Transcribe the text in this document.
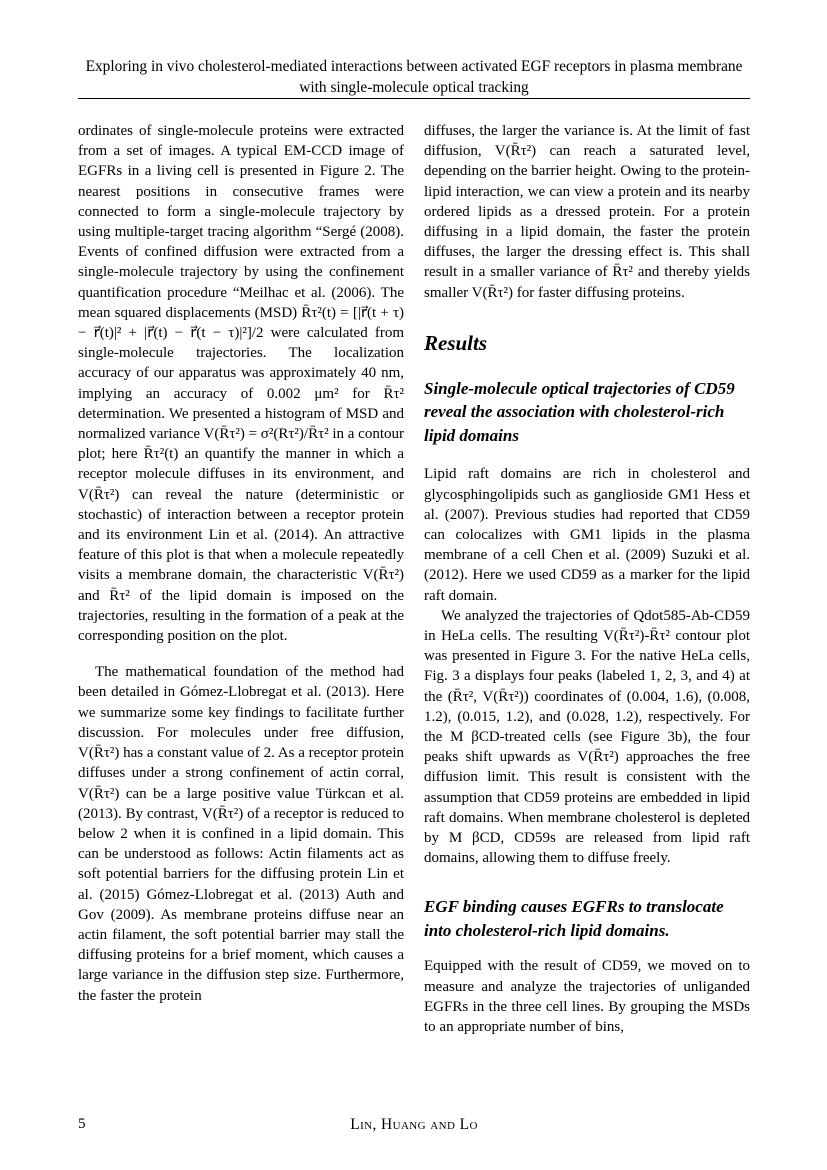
Exploring in vivo cholesterol-mediated interactions between activated EGF receptors in plasma membrane with single-molecule optical tracking

ordinates of single-molecule proteins were extracted from a set of images. A typical EM-CCD image of EGFRs in a living cell is presented in Figure 2. The nearest positions in consecutive frames were connected to form a single-molecule trajectory by using multiple-target tracing algorithm “Sergé (2008). Events of confined diffusion were extracted from a single-molecule trajectory by using the confinement quantification procedure “Meilhac et al. (2006). The mean squared displacements (MSD) R̄τ²(t) = [|r⃗(t + τ) − r⃗(t)|² + |r⃗(t) − r⃗(t − τ)|²]/2 were calculated from single-molecule trajectories. The localization accuracy of our apparatus was approximately 40 nm, implying an accuracy of 0.002 μm² for R̄τ² determination. We presented a histogram of MSD and normalized variance V(R̄τ²) = σ²(Rτ²)/R̄τ² in a contour plot; here R̄τ²(t) an quantify the manner in which a receptor molecule diffuses in its environment, and V(R̄τ²) can reveal the nature (deterministic or stochastic) of interaction between a receptor protein and its environment Lin et al. (2014). An attractive feature of this plot is that when a molecule repeatedly visits a membrane domain, the characteristic V(R̄τ²) and R̄τ² of the lipid domain is imposed on the trajectories, resulting in the formation of a peak at the corresponding position on the plot.

The mathematical foundation of the method had been detailed in Gómez-Llobregat et al. (2013). Here we summarize some key findings to facilitate further discussion. For molecules under free diffusion, V(R̄τ²) has a constant value of 2. As a receptor protein diffuses under a strong confinement of actin corral, V(R̄τ²) can be a large positive value Türkcan et al. (2013). By contrast, V(R̄τ²) of a receptor is reduced to below 2 when it is confined in a lipid domain. This can be understood as follows: Actin filaments act as soft potential barriers for the diffusing protein Lin et al. (2015) Gómez-Llobregat et al. (2013) Auth and Gov (2009). As membrane proteins diffuse near an actin filament, the soft potential barrier may stall the diffusing proteins for a brief moment, which causes a large variance in the diffusion step size. Furthermore, the faster the protein

diffuses, the larger the variance is. At the limit of fast diffusion, V(R̄τ²) can reach a saturated level, depending on the barrier height. Owing to the protein-lipid interaction, we can view a protein and its nearby ordered lipids as a dressed protein. For a protein diffusing in a lipid domain, the faster the protein diffuses, the larger the dressing effect is. This shall result in a smaller variance of R̄τ² and thereby yields smaller V(R̄τ²) for faster diffusing proteins.

Results
Single-molecule optical trajectories of CD59 reveal the association with cholesterol-rich lipid domains

Lipid raft domains are rich in cholesterol and glycosphingolipids such as ganglioside GM1 Hess et al. (2007). Previous studies had reported that CD59 can colocalizes with GM1 lipids in the plasma membrane of a cell Chen et al. (2009) Suzuki et al. (2012). Here we used CD59 as a marker for the lipid raft domain.

We analyzed the trajectories of Qdot585-Ab-CD59 in HeLa cells. The resulting V(R̄τ²)-R̄τ² contour plot was presented in Figure 3. For the native HeLa cells, Fig. 3 a displays four peaks (labeled 1, 2, 3, and 4) at the (R̄τ², V(R̄τ²)) coordinates of (0.004, 1.6), (0.008, 1.2), (0.015, 1.2), and (0.028, 1.2), respectively. For the M βCD-treated cells (see Figure 3b), the four peaks shift upwards as V(R̄τ²) approaches the free diffusion limit. This result is consistent with the assumption that CD59 proteins are embedded in lipid raft domains. When membrane cholesterol is depleted by M βCD, CD59s are released from lipid raft domains, allowing them to diffuse freely.

EGF binding causes EGFRs to translocate into cholesterol-rich lipid domains.

Equipped with the result of CD59, we moved on to measure and analyze the trajectories of unliganded EGFRs in the three cell lines. By grouping the MSDs to an appropriate number of bins,

5	Lin, Huang and Lo
